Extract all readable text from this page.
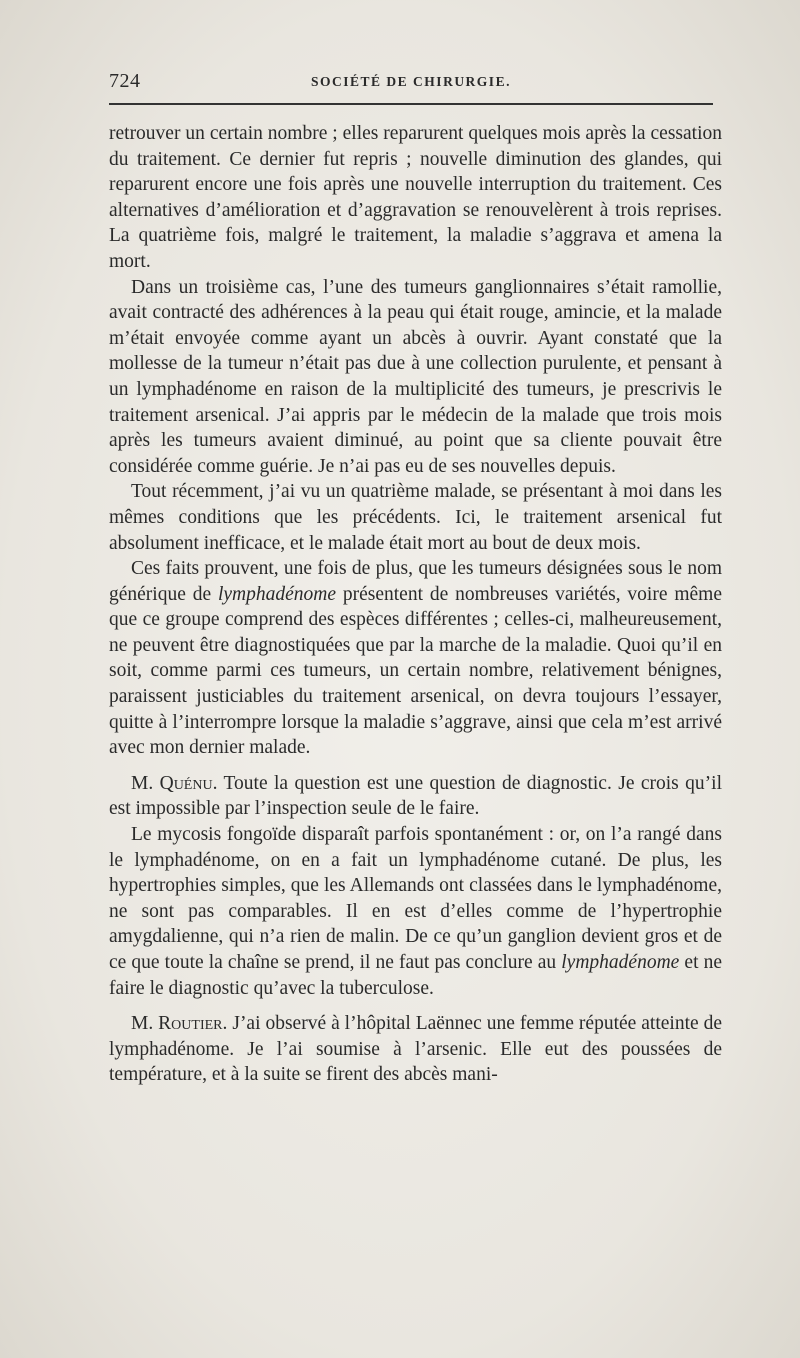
724	SOCIÉTÉ DE CHIRURGIE.

retrouver un certain nombre ; elles reparurent quelques mois après la cessation du traitement. Ce dernier fut repris ; nouvelle diminution des glandes, qui reparurent encore une fois après une nouvelle interruption du traitement. Ces alternatives d’amélioration et d’aggravation se renouvelèrent à trois reprises. La quatrième fois, malgré le traitement, la maladie s’aggrava et amena la mort.

Dans un troisième cas, l’une des tumeurs ganglionnaires s’était ramollie, avait contracté des adhérences à la peau qui était rouge, amincie, et la malade m’était envoyée comme ayant un abcès à ouvrir. Ayant constaté que la mollesse de la tumeur n’était pas due à une collection purulente, et pensant à un lymphadénome en raison de la multiplicité des tumeurs, je prescrivis le traitement arsenical. J’ai appris par le médecin de la malade que trois mois après les tumeurs avaient diminué, au point que sa cliente pouvait être considérée comme guérie. Je n’ai pas eu de ses nouvelles depuis.

Tout récemment, j’ai vu un quatrième malade, se présentant à moi dans les mêmes conditions que les précédents. Ici, le traitement arsenical fut absolument inefficace, et le malade était mort au bout de deux mois.

Ces faits prouvent, une fois de plus, que les tumeurs désignées sous le nom générique de lymphadénome présentent de nombreuses variétés, voire même que ce groupe comprend des espèces différentes ; celles-ci, malheureusement, ne peuvent être diagnostiquées que par la marche de la maladie. Quoi qu’il en soit, comme parmi ces tumeurs, un certain nombre, relativement bénignes, paraissent justiciables du traitement arsenical, on devra toujours l’essayer, quitte à l’interrompre lorsque la maladie s’aggrave, ainsi que cela m’est arrivé avec mon dernier malade.

M. Quénu. Toute la question est une question de diagnostic. Je crois qu’il est impossible par l’inspection seule de le faire.

Le mycosis fongoïde disparaît parfois spontanément : or, on l’a rangé dans le lymphadénome, on en a fait un lymphadénome cutané. De plus, les hypertrophies simples, que les Allemands ont classées dans le lymphadénome, ne sont pas comparables. Il en est d’elles comme de l’hypertrophie amygdalienne, qui n’a rien de malin. De ce qu’un ganglion devient gros et de ce que toute la chaîne se prend, il ne faut pas conclure au lymphadénome et ne faire le diagnostic qu’avec la tuberculose.

M. Routier. J’ai observé à l’hôpital Laënnec une femme réputée atteinte de lymphadénome. Je l’ai soumise à l’arsenic. Elle eut des poussées de température, et à la suite se firent des abcès mani-
